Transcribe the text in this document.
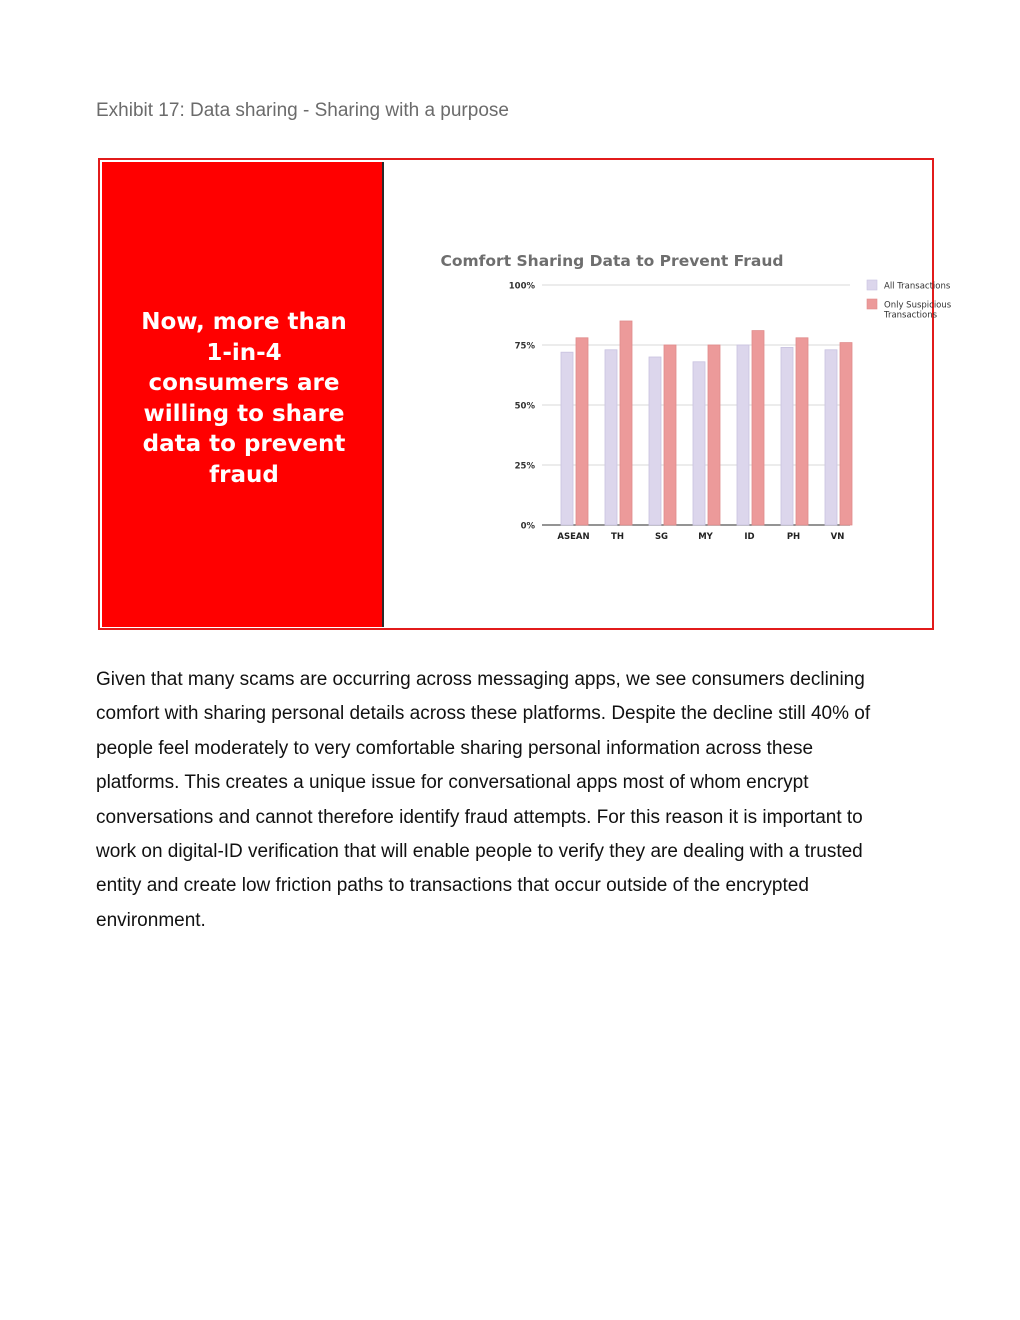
Exhibit 17: Data sharing - Sharing with a purpose
Now, more than
1-in-4
consumers are
willing to share
data to prevent
fraud
Comfort Sharing Data to Prevent Fraud
0%
25%
50%
75%
100%
ASEAN	TH	SG	MY	ID	PH	VN
All Transactions
Only Suspicious
Transactions
Given that many scams are occurring across messaging apps, we see consumers declining
comfort with sharing personal details across these platforms. Despite the decline still 40% of
people feel moderately to very comfortable sharing personal information across these
platforms. This creates a unique issue for conversational apps most of whom encrypt
conversations and cannot therefore identify fraud attempts. For this reason it is important to
work on digital-ID verification that will enable people to verify they are dealing with a trusted
entity and create low friction paths to transactions that occur outside of the encrypted
environment.
